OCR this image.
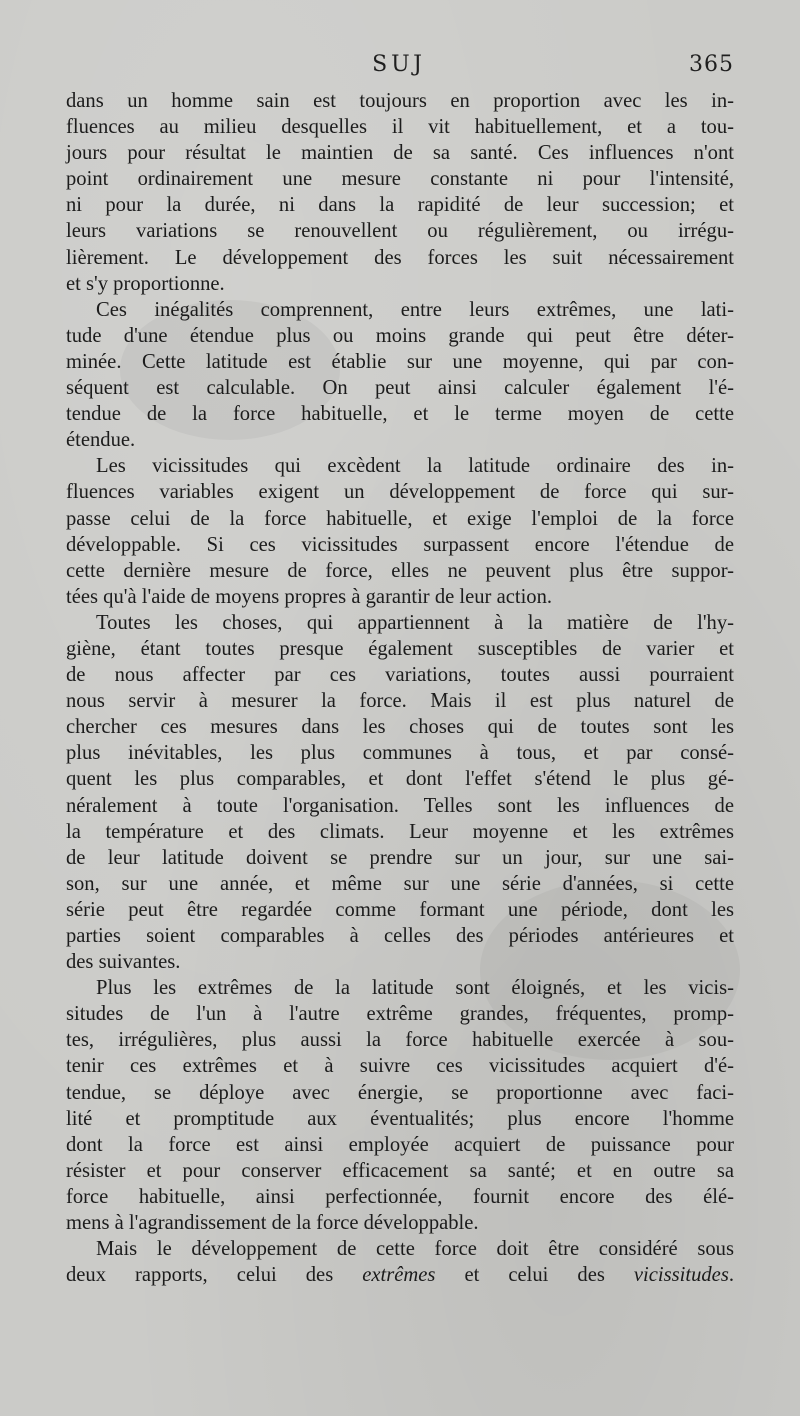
SUJ	365
dans un homme sain est toujours en proportion avec les in-
fluences au milieu desquelles il vit habituellement, et a tou-
jours pour résultat le maintien de sa santé. Ces influences n'ont
point ordinairement une mesure constante ni pour l'intensité,
ni pour la durée, ni dans la rapidité de leur succession; et
leurs variations se renouvellent ou régulièrement, ou irrégu-
lièrement. Le développement des forces les suit nécessairement
et s'y proportionne.
Ces inégalités comprennent, entre leurs extrêmes, une lati-
tude d'une étendue plus ou moins grande qui peut être déter-
minée. Cette latitude est établie sur une moyenne, qui par con-
séquent est calculable. On peut ainsi calculer également l'é-
tendue de la force habituelle, et le terme moyen de cette
étendue.
Les vicissitudes qui excèdent la latitude ordinaire des in-
fluences variables exigent un développement de force qui sur-
passe celui de la force habituelle, et exige l'emploi de la force
développable. Si ces vicissitudes surpassent encore l'étendue de
cette dernière mesure de force, elles ne peuvent plus être suppor-
tées qu'à l'aide de moyens propres à garantir de leur action.
Toutes les choses, qui appartiennent à la matière de l'hy-
giène, étant toutes presque également susceptibles de varier et
de nous affecter par ces variations, toutes aussi pourraient
nous servir à mesurer la force. Mais il est plus naturel de
chercher ces mesures dans les choses qui de toutes sont les
plus inévitables, les plus communes à tous, et par consé-
quent les plus comparables, et dont l'effet s'étend le plus gé-
néralement à toute l'organisation. Telles sont les influences de
la température et des climats. Leur moyenne et les extrêmes
de leur latitude doivent se prendre sur un jour, sur une sai-
son, sur une année, et même sur une série d'années, si cette
série peut être regardée comme formant une période, dont les
parties soient comparables à celles des périodes antérieures et
des suivantes.
Plus les extrêmes de la latitude sont éloignés, et les vicis-
situdes de l'un à l'autre extrême grandes, fréquentes, promp-
tes, irrégulières, plus aussi la force habituelle exercée à sou-
tenir ces extrêmes et à suivre ces vicissitudes acquiert d'é-
tendue, se déploye avec énergie, se proportionne avec faci-
lité et promptitude aux éventualités; plus encore l'homme
dont la force est ainsi employée acquiert de puissance pour
résister et pour conserver efficacement sa santé; et en outre sa
force habituelle, ainsi perfectionnée, fournit encore des élé-
mens à l'agrandissement de la force développable.
Mais le développement de cette force doit être considéré sous
deux rapports, celui des extrêmes et celui des vicissitudes.
